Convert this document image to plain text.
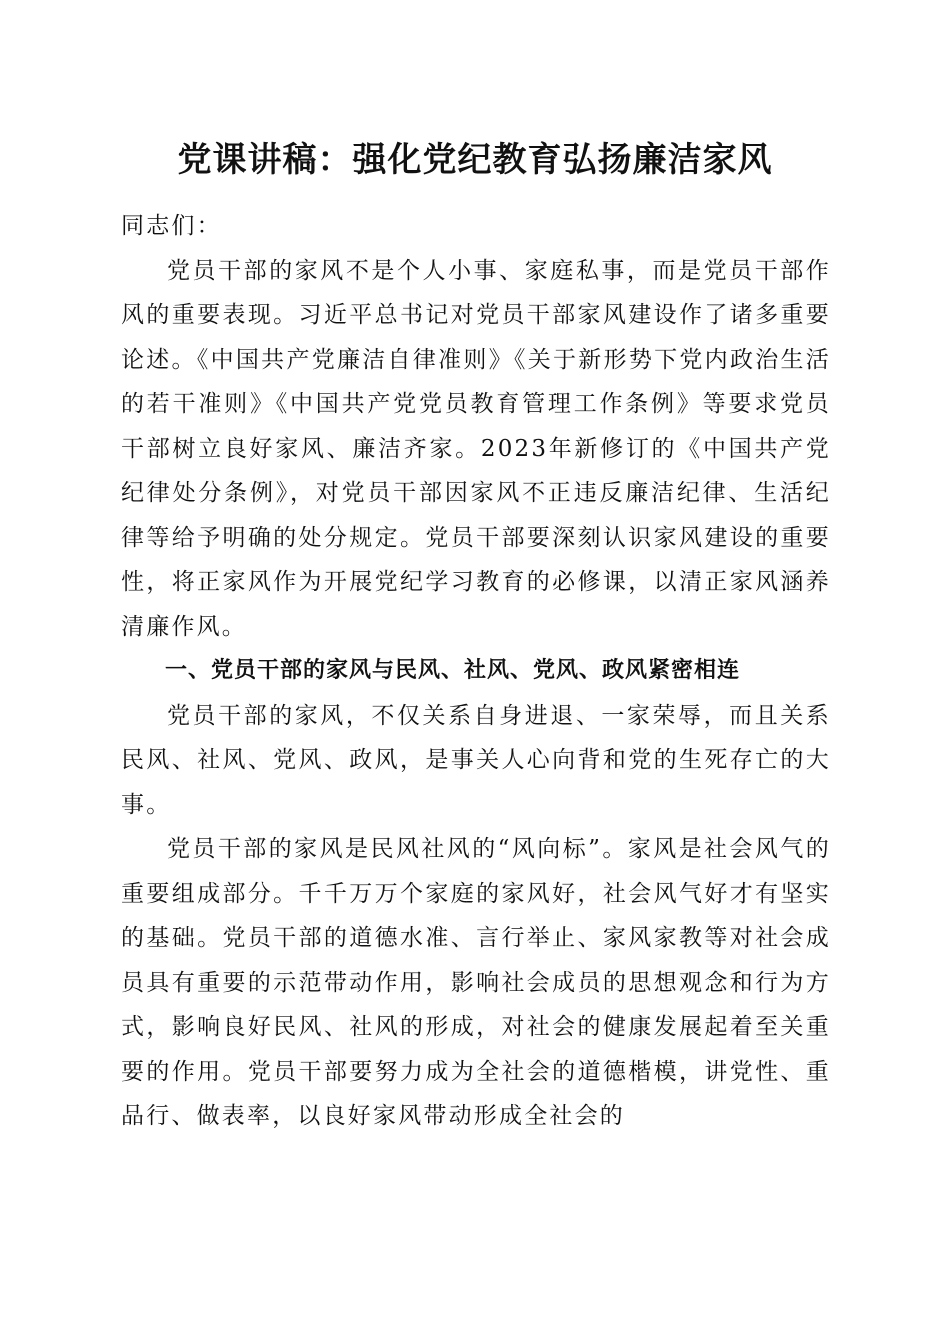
党课讲稿：强化党纪教育弘扬廉洁家风

同志们：

党员干部的家风不是个人小事、家庭私事，而是党员干部作风的重要表现。习近平总书记对党员干部家风建设作了诸多重要论述。《中国共产党廉洁自律准则》《关于新形势下党内政治生活的若干准则》《中国共产党党员教育管理工作条例》等要求党员干部树立良好家风、廉洁齐家。2023年新修订的《中国共产党纪律处分条例》，对党员干部因家风不正违反廉洁纪律、生活纪律等给予明确的处分规定。党员干部要深刻认识家风建设的重要性，将正家风作为开展党纪学习教育的必修课，以清正家风涵养清廉作风。

一、党员干部的家风与民风、社风、党风、政风紧密相连

党员干部的家风，不仅关系自身进退、一家荣辱，而且关系民风、社风、党风、政风，是事关人心向背和党的生死存亡的大事。

党员干部的家风是民风社风的“风向标”。家风是社会风气的重要组成部分。千千万万个家庭的家风好，社会风气好才有坚实的基础。党员干部的道德水准、言行举止、家风家教等对社会成员具有重要的示范带动作用，影响社会成员的思想观念和行为方式，影响良好民风、社风的形成，对社会的健康发展起着至关重要的作用。党员干部要努力成为全社会的道德楷模，讲党性、重品行、做表率，以良好家风带动形成全社会的
